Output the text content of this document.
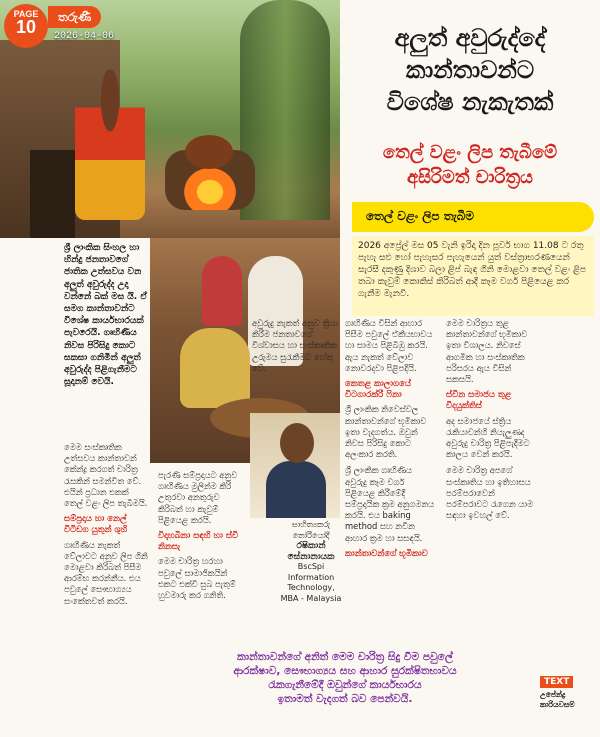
PAGE
10	තරුණී
2026-04-06	අලුත් අවුරුද්දේ
කාන්තාවන්ට
විශේෂ නැකැතක්
තෙල් වළං ලිප තැබීමේ
අසිරිමත් චාරිත්‍රය
තෙල් වළං ලිප තැබීම
2026 අප්‍රේල් මස 05 වැනි ඉරිදා දින පූර්ව භාග 11.08 ට රතු පැහැ සළු හෝ පැහැසර පැහැයෙන් යුත් වස්ත්‍රාභරණයෙන් සැරසී දකුණු දිශාව බලා ළිප් බැඳ ගිනි මොළවා තෙල් වළං ළිප තබා කැවුම් කොකිස් කිරිබත් ආදී කෑම වර්ග පිළියෙළ කර ගැනීම මැනවි.
ශ්‍රී ලාංකික සිංහල හා හින්දු ජනතාවගේ ජාතික උත්සවය වන අලුත් අවුරුද්ද උදා වන්නේ බක් මස යි. ඒ සමග කාන්තාවන්ට විශේෂ කාර්යභාරයක් පැවරෙයි. ගෘහිණිය නිවස පිරිසිදු කොට සකසා ගනිමින් අලුත් අවුරුද්ද පිළිගැනීමට සූදානම් වෙයි.

මෙම සංස්කෘතික උත්සවය කාන්තාවන් කේන්ද්‍ර කරගත් චාරිත්‍ර රැසකින් සමන්විත වේ. එයින් ප්‍රධාන එකක් තෙල් වළං ලිප තැබීමයි.

සම්ප්‍රදාය හා නෙල් වීටිඩග යුතුන් ශුහි

ගෘහිණිය නැකත් වේලාවට අනුව ලිප ගිනි මොළවා කිරිබත් පිසීම ආරම්භ කරන්නීය. එය පවුලේ සෞභාග්‍යය සංකේතවත් කරයි.

පැරණි සම්ප්‍රදායට අනුව ගෘහිණිය මුලින්ම කිරි උතුරවා අනතුරුව කිරිබත් හා කැවුම් පිළියෙළ කරයි.

විදාහබීනා සඳහි හා ස්වී නිනසැ

මෙම චාරිත්‍ර හරහා පවුලේ සාමාජිකයින් එකට එක්වී සුබ පැතුම් හුවමාරු කර ගනිති.

අවුරුදු නැකත් අනුව ක්‍රියා කිරීම ජනතාවගේ විශ්වාසය හා සංස්කෘතික උරුමය සුරැකීමට හේතු වේ.

සාහිත්‍යකරු තෝරියෝදී
රෂිකාන් සේනානායක
BscSpi Information
Technology,
MBA - Malaysia

ගෘහිණිය විසින් ආහාර පිසීම පවුලේ ඒකීයභාවය හා සාමය පිළිබිඹු කරයි. ඇය නැකත් වේලාව නොවරදවා පිළිපදියි.

කෙතළ කාලාගයේ විටගාරක්රී ෆිනා

ශ්‍රී ලාංකික නිවෙස්වල කාන්තාවන්ගේ භූමිකාව ඉතා වැදගත්ය. ඔවුන් නිවස පිරිසිදු කොට අලංකාර කරති.

ශ්‍රී ලාංකික ගෘහිණිය අවුරුදු කෑම වර්ග පිළියෙළ කිරීමේදී සම්ප්‍රදායික ක්‍රම අනුගමනය කරයි. එය baking method සහ නවීන ආහාර ක්‍රම හා සසඳයි.

කාන්තාවන්ගේ භූමිකාව

මෙම චාරිත්‍රය තුළ කාන්තාවන්ගේ භූමිකාව ඉතා විශාලය. නිවසේ ආගමික හා සංස්කෘතික පරිසරය ඇය විසින් සකසයි.

ස්වීන සමාජය තුළ විදයුක්තිස්

අද සමාජයේ ස්ත්‍රිය රැකියාවන්හි නියැලුණද අවුරුදු චාරිත්‍ර පිළිපැදීමට කාලය වෙන් කරයි.

මෙම චාරිත්‍ර අපගේ සංස්කෘතිය හා ඉතිහාසය පරම්පරාවෙන් පරම්පරාවට රැගෙන යාම සඳහා ඉවහල් වේ.

කාන්තාවන්ගේ අනිත් මෙම චාරිත්‍ර සිදු වීම පවුලේ
ආරක්ෂාව, සෞභාග්‍යය සහ ආහාර සුරක්ෂිතභාවය
රැකගැනීමේදී ඔවුන්ගේ කාර්යභාරය
ඉතාමත් වැදගත් බව පෙන්වයි.
TEXT
උපේන්ද්‍ර කාරියවසම්
